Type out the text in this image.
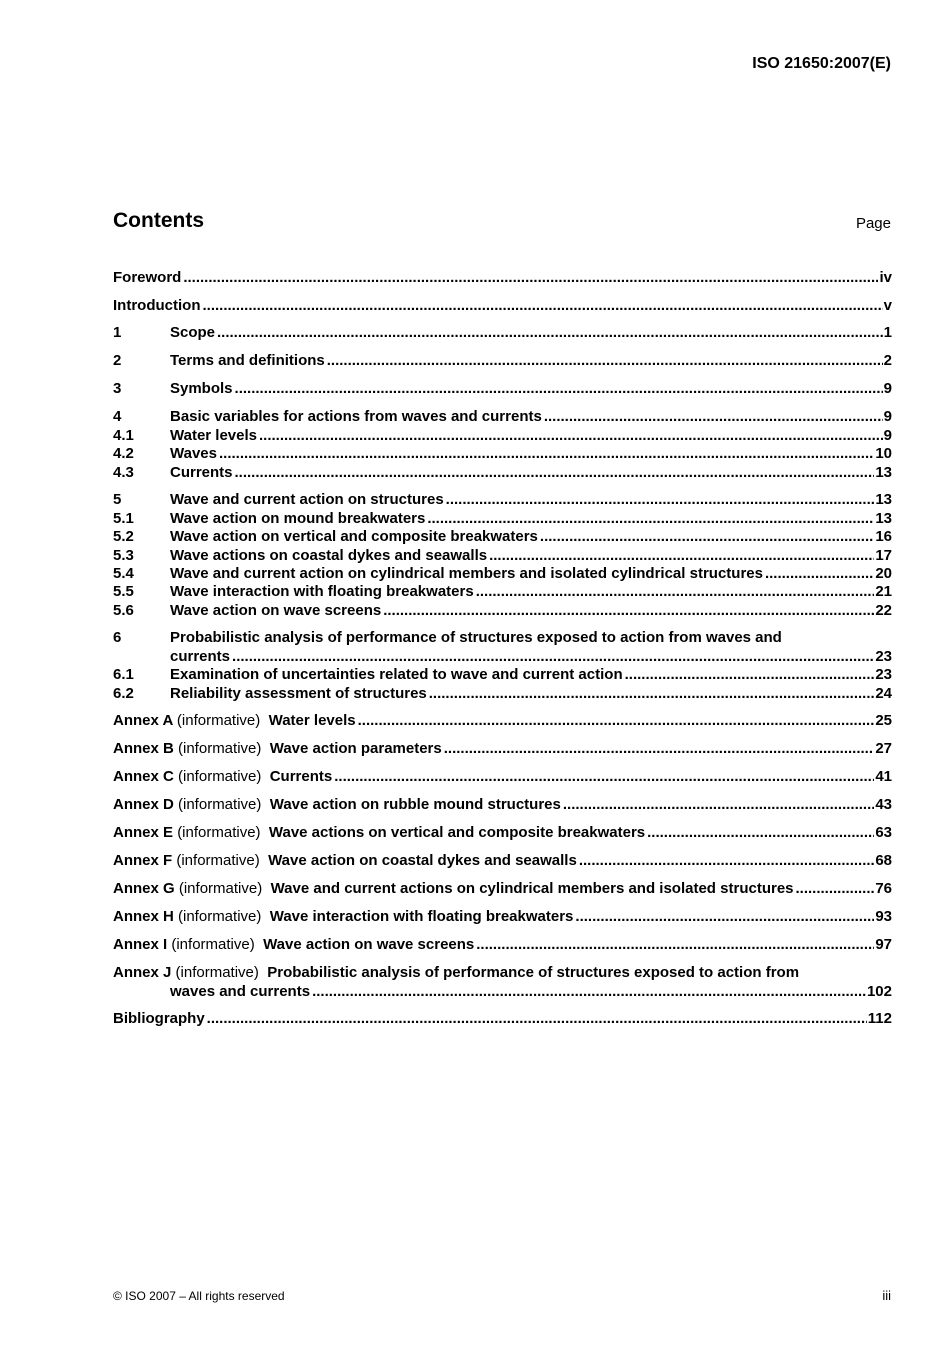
ISO 21650:2007(E)
Contents	Page
Foreword .....	iv
Introduction .....	v
1	Scope .....	1
2	Terms and definitions .....	2
3	Symbols .....	9
4	Basic variables for actions from waves and currents .....	9
4.1	Water levels .....	9
4.2	Waves .....	10
4.3	Currents .....	13
5	Wave and current action on structures .....	13
5.1	Wave action on mound breakwaters .....	13
5.2	Wave action on vertical and composite breakwaters .....	16
5.3	Wave actions on coastal dykes and seawalls .....	17
5.4	Wave and current action on cylindrical members and isolated cylindrical structures .....	20
5.5	Wave interaction with floating breakwaters .....	21
5.6	Wave action on wave screens .....	22
6	Probabilistic analysis of performance of structures exposed to action from waves and
currents .....	23
6.1	Examination of uncertainties related to wave and current action .....	23
6.2	Reliability assessment of structures .....	24
Annex A (informative) Water levels .....	25
Annex B (informative) Wave action parameters .....	27
Annex C (informative) Currents .....	41
Annex D (informative) Wave action on rubble mound structures .....	43
Annex E (informative) Wave actions on vertical and composite breakwaters .....	63
Annex F (informative) Wave action on coastal dykes and seawalls .....	68
Annex G (informative) Wave and current actions on cylindrical members and isolated structures .....	76
Annex H (informative) Wave interaction with floating breakwaters .....	93
Annex I (informative) Wave action on wave screens .....	97
Annex J (informative) Probabilistic analysis of performance of structures exposed to action from
waves and currents .....	102
Bibliography .....	112
© ISO 2007 – All rights reserved	iii
